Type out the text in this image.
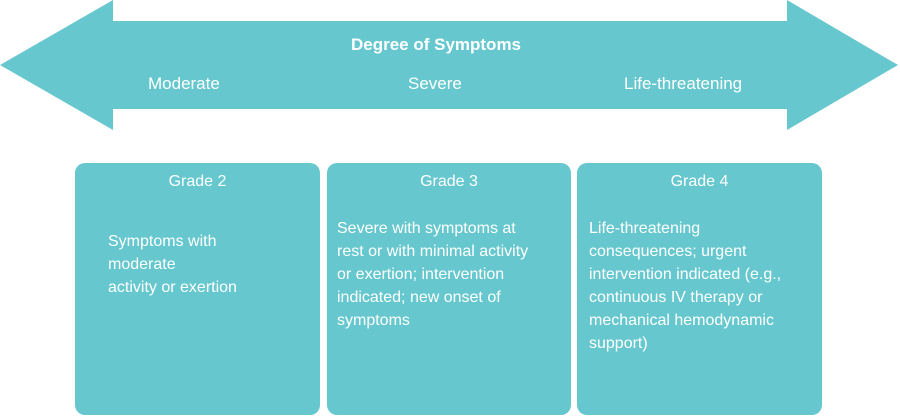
Degree of Symptoms
Moderate	Severe	Life-threatening
Grade 2
Symptoms with
moderate
activity or exertion
Grade 3
Severe with symptoms at
rest or with minimal activity
or exertion; intervention
indicated; new onset of
symptoms
Grade 4
Life-threatening
consequences; urgent
intervention indicated (e.g.,
continuous IV therapy or
mechanical hemodynamic
support)
